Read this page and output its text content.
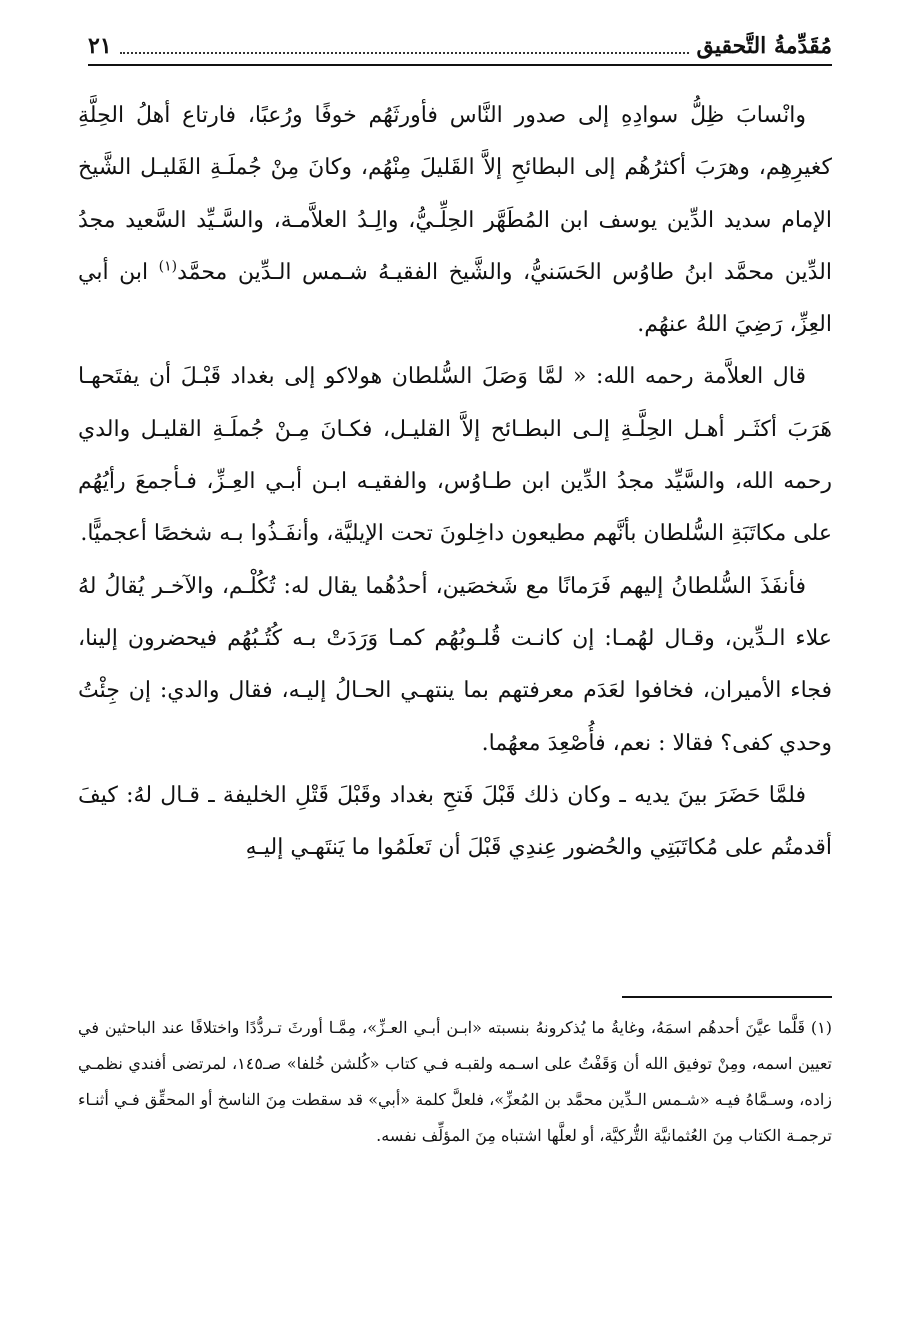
مُقَدِّمةُ التَّحقيق
٢١

وانْسابَ ظِلُّ سوادِهِ إلى صدور النَّاس فأورثَهُم خوفًا ورُعبًا، فارتاع أهلُ الحِلَّةِ كغيرِهِم، وهرَبَ أكثرُهُم إلى البطائحِ إلاَّ القَليلَ مِنْهُم، وكانَ مِنْ جُملَـةِ القَليـل الشَّيخ الإمام سديد الدِّين يوسف ابن المُطَهَّر الحِلِّـيُّ، والِـدُ العلاَّمـة، والسَّـيِّد السَّعيد مجدُ الدِّين محمَّد ابنُ طاوُس الحَسَنيُّ، والشَّيخ الفقيـهُ شـمس الـدِّين محمَّد$^{(١)}$ ابن أبي العِزِّ، رَضِيَ اللهُ عنهُم.

قال العلاَّمة رحمه الله: « لمَّا وَصَلَ السُّلطان هولاكو إلى بغداد قَبْـلَ أن يفتَحهـا هَرَبَ أكثَـر أهـل الحِلَّـةِ إلـى البطـائح إلاَّ القليـل، فكـانَ مِـنْ جُملَـةِ القليـل والدي رحمه الله، والسَّيِّد مجدُ الدِّين ابن طـاوُس، والفقيـه ابـن أبـي العِـزِّ، فـأجمعَ رأيُهُم على مكاتَبَةِ السُّلطان بأنَّهم مطيعون داخِلونَ تحت الإيليَّة، وأنفَـذُوا بـه شخصًا أعجميًّا.

فأنفَذَ السُّلطانُ إليهم فَرَمانًا مع شَخصَين، أحدُهُما يقال له: تُكُلْـم، والآخـر يُقالُ لهُ علاء الـدِّين، وقـال لهُمـا: إن كانـت قُلـوبُهُم كمـا وَرَدَتْ بـه كُتُـبُهُم فيحضرون إلينا، فجاء الأميران، فخافوا لعَدَم معرفتهم بما ينتهـي الحـالُ إليـه، فقال والدي: إن جِئْتُ وحدي كفى؟ فقالا : نعم، فأُصْعِدَ معهُما.

فلمَّا حَضَرَ بينَ يديه ـ وكان ذلك قَبْلَ فَتحِ بغداد وقَبْلَ قَتْلِ الخليفة ـ قـال لهُ: كيفَ أقدمتُم على مُكاتَبَتِي والحُضور عِندِي قَبْلَ أن تَعلَمُوا ما يَنتَهـي إليـهِ

(١) قَلَّما عيَّنَ أحدهُم اسمَهُ، وغايةُ ما يُذكرونهُ بنسبته «ابـن أبـي العـزِّ»، مِمَّـا أورثَ تـردُّدًا واختلافًا عند الباحثين في تعيين اسمه، ومِنْ توفيق الله أن وَقَفْتُ على اسـمه ولقبـه فـي كتاب «كُلشن خُلفا» صـ١٤٥، لمرتضى أفندي نظمـي زاده، وسـمَّاهُ فيـه «شـمس الـدِّين محمَّد بن المُعزِّ»، فلعلَّ كلمة «أبي» قد سقطت مِنَ الناسخ أو المحقِّق فـي أثنـاء ترجمـة الكتاب مِنَ العُثمانيَّة التُّركيَّة، أو لعلَّها اشتباه مِنَ المؤلِّف نفسه.
